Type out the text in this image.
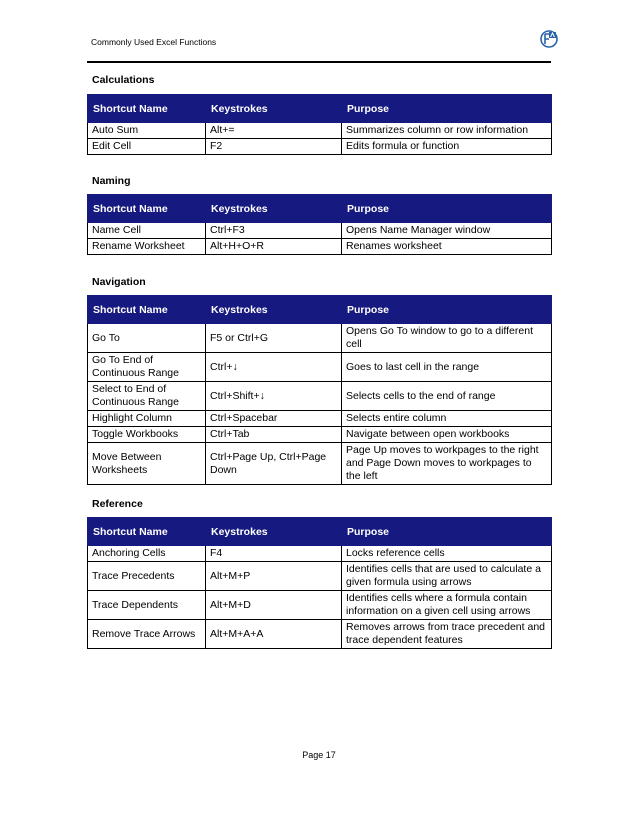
Commonly Used Excel Functions
Calculations
Shortcut Name	Keystrokes	Purpose
Auto Sum	Alt+=	Summarizes column or row information
Edit Cell	F2	Edits formula or function
Naming
Shortcut Name	Keystrokes	Purpose
Name Cell	Ctrl+F3	Opens Name Manager window
Rename Worksheet	Alt+H+O+R	Renames worksheet
Navigation
Shortcut Name	Keystrokes	Purpose
Go To	F5 or Ctrl+G	Opens Go To window to go to a different cell
Go To End of Continuous Range	Ctrl+↓	Goes to last cell in the range
Select to End of Continuous Range	Ctrl+Shift+↓	Selects cells to the end of range
Highlight Column	Ctrl+Spacebar	Selects entire column
Toggle Workbooks	Ctrl+Tab	Navigate between open workbooks
Move Between Worksheets	Ctrl+Page Up, Ctrl+Page Down	Page Up moves to workpages to the right and Page Down moves to workpages to the left
Reference
Shortcut Name	Keystrokes	Purpose
Anchoring Cells	F4	Locks reference cells
Trace Precedents	Alt+M+P	Identifies cells that are used to calculate a given formula using arrows
Trace Dependents	Alt+M+D	Identifies cells where a formula contain information on a given cell using arrows
Remove Trace Arrows	Alt+M+A+A	Removes arrows from trace precedent and trace dependent features
Page 17
